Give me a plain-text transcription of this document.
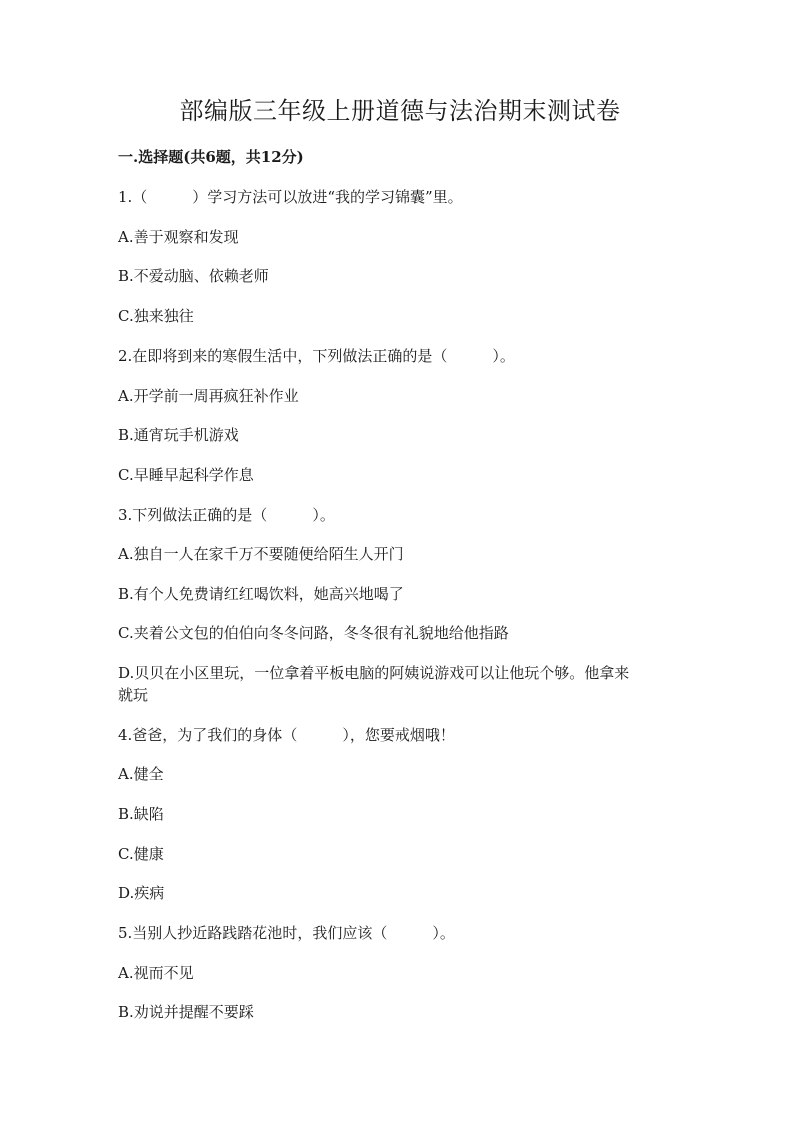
部编版三年级上册道德与法治期末测试卷
一.选择题(共6题，共12分)
1.（　　　）学习方法可以放进“我的学习锦囊”里。
A.善于观察和发现
B.不爱动脑、依赖老师
C.独来独往
2.在即将到来的寒假生活中，下列做法正确的是（　　　）。
A.开学前一周再疯狂补作业
B.通宵玩手机游戏
C.早睡早起科学作息
3.下列做法正确的是（　　　）。
A.独自一人在家千万不要随便给陌生人开门
B.有个人免费请红红喝饮料，她高兴地喝了
C.夹着公文包的伯伯向冬冬问路，冬冬很有礼貌地给他指路
D.贝贝在小区里玩，一位拿着平板电脑的阿姨说游戏可以让他玩个够。他拿来
就玩
4.爸爸，为了我们的身体（　　　），您要戒烟哦！
A.健全
B.缺陷
C.健康
D.疾病
5.当别人抄近路践踏花池时，我们应该（　　　）。
A.视而不见
B.劝说并提醒不要踩
